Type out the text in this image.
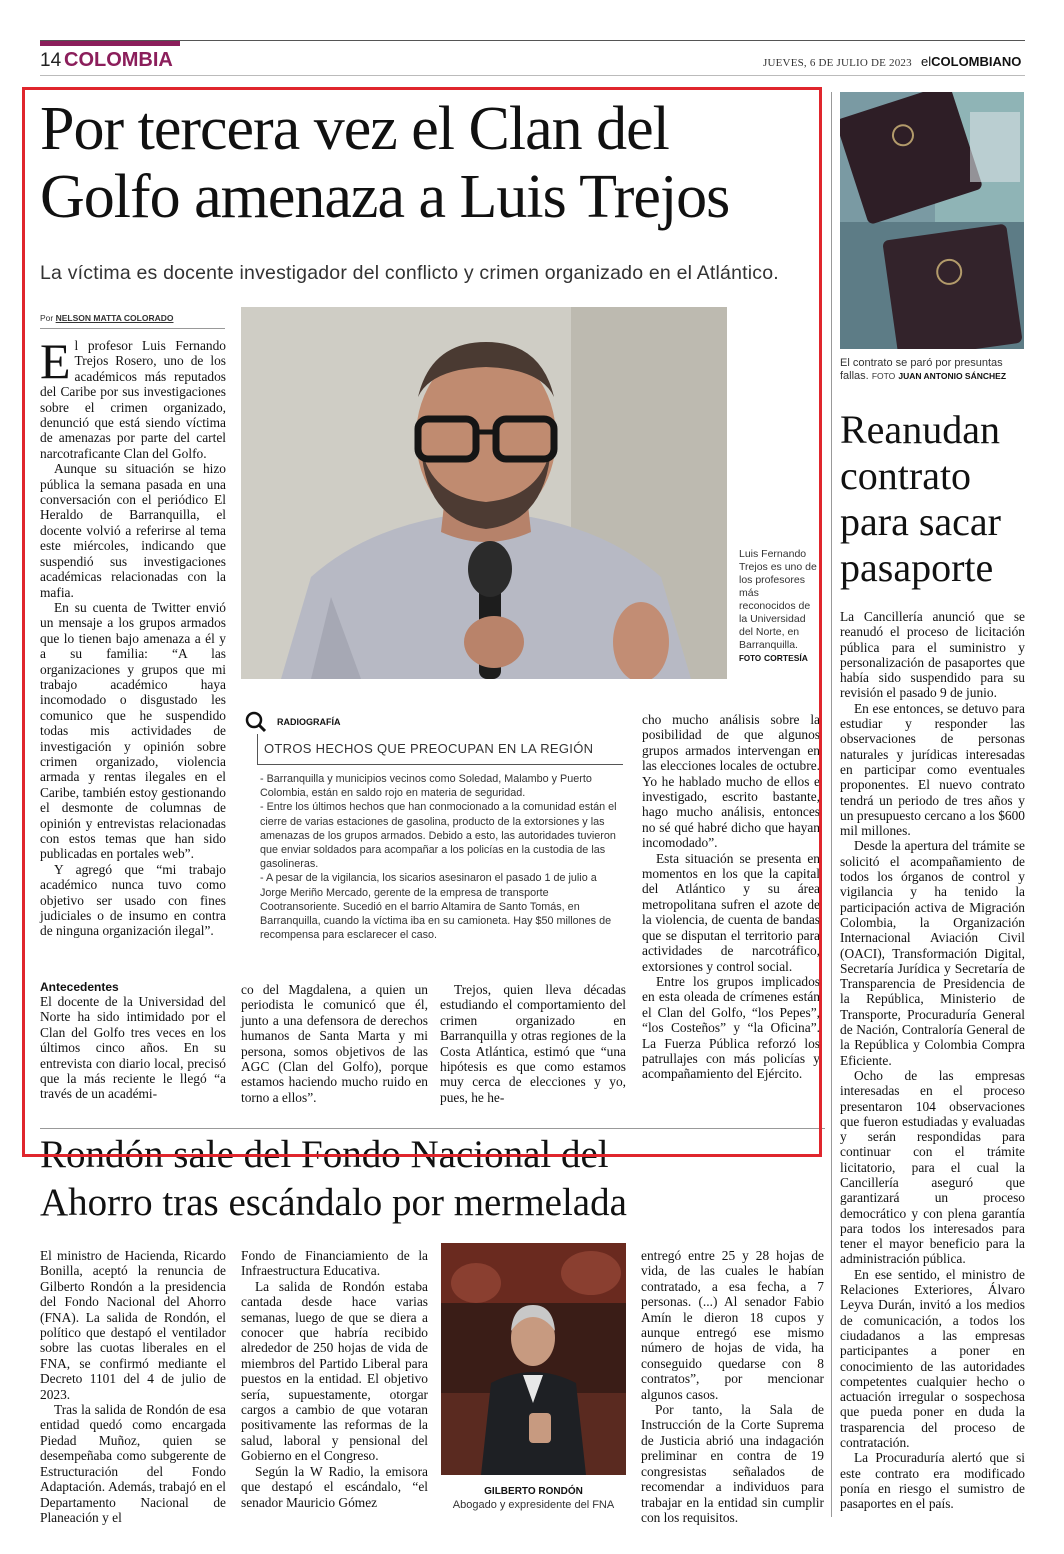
14 COLOMBIA	JUEVES, 6 DE JULIO DE 2023 elCOLOMBIANO
Por tercera vez el Clan del Golfo amenaza a Luis Trejos
La víctima es docente investigador del conflicto y crimen organizado en el Atlántico.
Por NELSON MATTA COLORADO
E l profesor Luis Fernando Trejos Rosero, uno de los académicos más reputados del Caribe por sus investigaciones sobre el crimen organizado, denunció que está siendo víctima de amenazas por parte del cartel narcotraficante Clan del Golfo.

Aunque su situación se hizo pública la semana pasada en una conversación con el periódico El Heraldo de Barranquilla, el docente volvió a referirse al tema este miércoles, indicando que suspendió sus investigaciones académicas relacionadas con la mafia.

En su cuenta de Twitter envió un mensaje a los grupos armados que lo tienen bajo amenaza a él y a su familia: “A las organizaciones y grupos que mi trabajo académico haya incomodado o disgustado les comunico que he suspendido todas mis actividades de investigación y opinión sobre crimen organizado, violencia armada y rentas ilegales en el Caribe, también estoy gestionando el desmonte de columnas de opinión y entrevistas relacionadas con estos temas que han sido publicadas en portales web”.

Y agregó que “mi trabajo académico nunca tuvo como objetivo ser usado con fines judiciales o de insumo en contra de ninguna organización ilegal”.

Antecedentes
El docente de la Universidad del Norte ha sido intimidado por el Clan del Golfo tres veces en los últimos cinco años. En su entrevista con diario local, precisó que la más reciente le llegó “a través de un académi-
Luis Fernando Trejos es uno de los profesores más reconocidos de la Universidad del Norte, en Barranquilla. FOTO CORTESÍA
RADIOGRAFÍA
OTROS HECHOS QUE PREOCUPAN EN LA REGIÓN
- Barranquilla y municipios vecinos como Soledad, Malambo y Puerto Colombia, están en saldo rojo en materia de seguridad.
- Entre los últimos hechos que han conmocionado a la comunidad están el cierre de varias estaciones de gasolina, producto de la extorsiones y las amenazas de los grupos armados. Debido a esto, las autoridades tuvieron que enviar soldados para acompañar a los policías en la custodia de las gasolineras.
- A pesar de la vigilancia, los sicarios asesinaron el pasado 1 de julio a Jorge Meriño Mercado, gerente de la empresa de transporte Cootransoriente. Sucedió en el barrio Altamira de Santo Tomás, en Barranquilla, cuando la víctima iba en su camioneta. Hay $50 millones de recompensa para esclarecer el caso.
co del Magdalena, a quien un periodista le comunicó que él, junto a una defensora de derechos humanos de Santa Marta y mi persona, somos objetivos de las AGC (Clan del Golfo), porque estamos haciendo mucho ruido en torno a ellos”.

Trejos, quien lleva décadas estudiando el comportamiento del crimen organizado en Barranquilla y otras regiones de la Costa Atlántica, estimó que “una hipótesis es que como estamos muy cerca de elecciones y yo, pues, he he-

cho mucho análisis sobre la posibilidad de que algunos grupos armados intervengan en las elecciones locales de octubre. Yo he hablado mucho de ellos e investigado, escrito bastante, hago mucho análisis, entonces no sé qué habré dicho que hayan incomodado”.

Esta situación se presenta en momentos en los que la capital del Atlántico y su área metropolitana sufren el azote de la violencia, de cuenta de bandas que se disputan el territorio para actividades de narcotráfico, extorsiones y control social.

Entre los grupos implicados en esta oleada de crímenes están el Clan del Golfo, “los Pepes”, “los Costeños” y “la Oficina”. La Fuerza Pública reforzó los patrullajes con más policías y acompañamiento del Ejército.

El contrato se paró por presuntas fallas. FOTO JUAN ANTONIO SÁNCHEZ
Reanudan contrato para sacar pasaporte

La Cancillería anunció que se reanudó el proceso de licitación pública para el suministro y personalización de pasaportes que había sido suspendido para su revisión el pasado 9 de junio.

En ese entonces, se detuvo para estudiar y responder las observaciones de personas naturales y jurídicas interesadas en participar como eventuales proponentes. El nuevo contrato tendrá un periodo de tres años y un presupuesto cercano a los $600 mil millones.

Desde la apertura del trámite se solicitó el acompañamiento de todos los órganos de control y vigilancia y ha tenido la participación activa de Migración Colombia, la Organización Internacional Aviación Civil (OACI), Transformación Digital, Secretaría Jurídica y Secretaría de Transparencia de Presidencia de la República, Ministerio de Transporte, Procuraduría General de Nación, Contraloría General de la República y Colombia Compra Eficiente.

Ocho de las empresas interesadas en el proceso presentaron 104 observaciones que fueron estudiadas y evaluadas y serán respondidas para continuar con el trámite licitatorio, para el cual la Cancillería aseguró que garantizará un proceso democrático y con plena garantía para todos los interesados para tener el mayor beneficio para la administración pública.

En ese sentido, el ministro de Relaciones Exteriores, Álvaro Leyva Durán, invitó a los medios de comunicación, a todos los ciudadanos a las empresas participantes a poner en conocimiento de las autoridades competentes cualquier hecho o actuación irregular o sospechosa que pueda poner en duda la trasparencia del proceso de contratación.

La Procuraduría alertó que si este contrato era modificado ponía en riesgo el sumistro de pasaportes en el país.

Rondón sale del Fondo Nacional del
Ahorro tras escándalo por mermelada

El ministro de Hacienda, Ricardo Bonilla, aceptó la renuncia de Gilberto Rondón a la presidencia del Fondo Nacional del Ahorro (FNA). La salida de Rondón, el político que destapó el ventilador sobre las cuotas liberales en el FNA, se confirmó mediante el Decreto 1101 del 4 de julio de 2023.

Tras la salida de Rondón de esa entidad quedó como encargada Piedad Muñoz, quien se desempeñaba como subgerente de Estructuración del Fondo Adaptación. Además, trabajó en el Departamento Nacional de Planeación y el

Fondo de Financiamiento de la Infraestructura Educativa.

La salida de Rondón estaba cantada desde hace varias semanas, luego de que se diera a conocer que habría recibido alrededor de 250 hojas de vida de miembros del Partido Liberal para puestos en la entidad. El objetivo sería, supuestamente, otorgar cargos a cambio de que votaran positivamente las reformas de la salud, laboral y pensional del Gobierno en el Congreso.

Según la W Radio, la emisora que destapó el escándalo, “el senador Mauricio Gómez

GILBERTO RONDÓN
Abogado y expresidente del FNA

entregó entre 25 y 28 hojas de vida, de las cuales le habían contratado, a esa fecha, a 7 personas. (...) Al senador Fabio Amín le dieron 18 cupos y aunque entregó ese mismo número de hojas de vida, ha conseguido quedarse con 8 contratos”, por mencionar algunos casos.

Por tanto, la Sala de Instrucción de la Corte Suprema de Justicia abrió una indagación preliminar en contra de 19 congresistas señalados de recomendar a individuos para trabajar en la entidad sin cumplir con los requisitos.
